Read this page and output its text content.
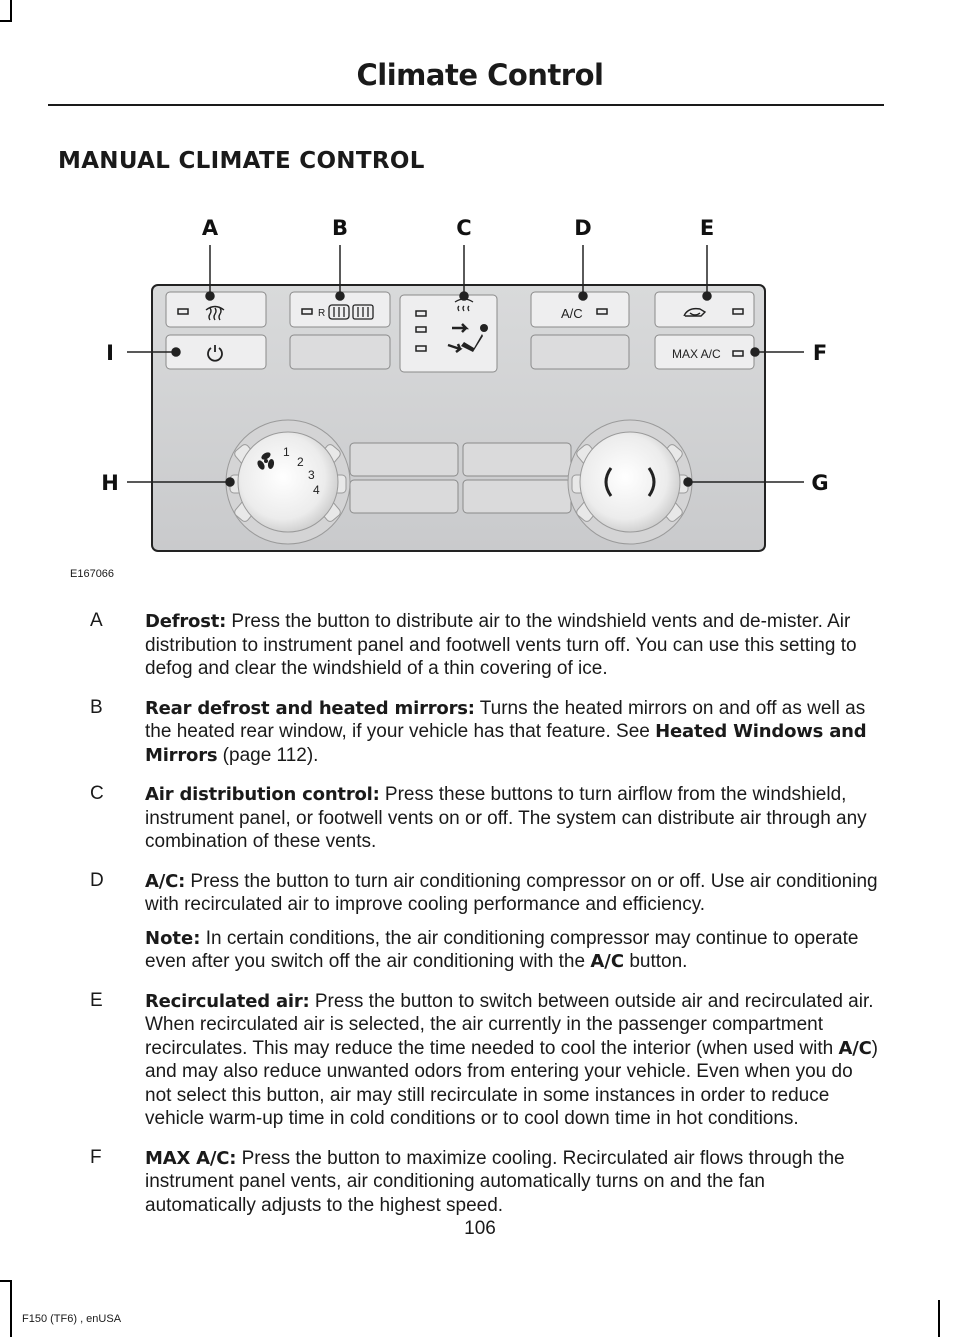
Climate Control
MANUAL CLIMATE CONTROL
R	A/C
MAX A/C
1
2
3
4
A	B	C	D	E
I	F
H	G
E167066
A Defrost: Press the button to distribute air to the windshield vents and de-mister. Air distribution to instrument panel and footwell vents turn off. You can use this setting to defog and clear the windshield of a thin covering of ice.
B Rear defrost and heated mirrors: Turns the heated mirrors on and off as well as the heated rear window, if your vehicle has that feature. See Heated Windows and Mirrors (page 112).
C Air distribution control: Press these buttons to turn airflow from the windshield, instrument panel, or footwell vents on or off. The system can distribute air through any combination of these vents.
D A/C: Press the button to turn air conditioning compressor on or off. Use air conditioning with recirculated air to improve cooling performance and efficiency.
Note: In certain conditions, the air conditioning compressor may continue to operate even after you switch off the air conditioning with the A/C button.
E Recirculated air: Press the button to switch between outside air and recirculated air. When recirculated air is selected, the air currently in the passenger compartment recirculates. This may reduce the time needed to cool the interior (when used with A/C) and may also reduce unwanted odors from entering your vehicle. Even when you do not select this button, air may still recirculate in some instances in order to reduce vehicle warm-up time in cold conditions or to cool down time in hot conditions.
F MAX A/C: Press the button to maximize cooling. Recirculated air flows through the instrument panel vents, air conditioning automatically turns on and the fan automatically adjusts to the highest speed.
106
F150 (TF6) , enUSA
